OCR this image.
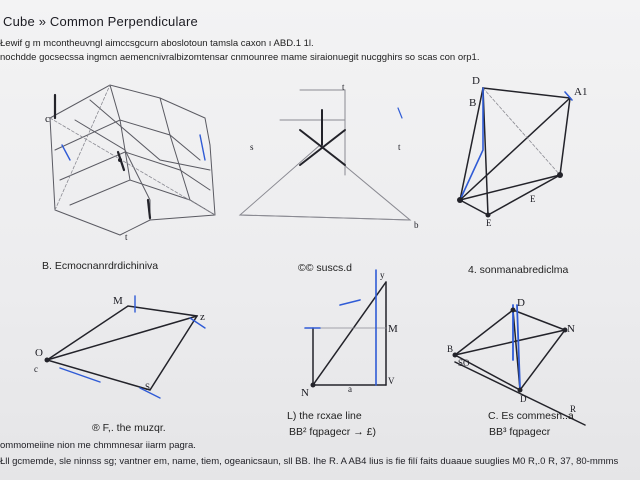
Cube » Common Perpendiculare
Łewif g m mcontheuvngl aimccsgcurn aboslotoun tamsla caxon ı ABD.1 1l.
nochdde gocsecssa ingmcn aemencnivralbizomtensar cnmounree mame siraionuegit nucgghirs so scas con orp1.
c
t
t
t
s
b
D
B
A1
E
E
M
z
O
S
c
y
N
M
V
a
D
N
B
SO
R
D
B. Ecmocnanrdrdichiniva	©© suscs.d	4. sonmanabrediclma
® F,. the muzqr.
L) the rcxae line
BB² fqpagecr → £)
C. Es commesn..a
BB³ fqpagecr
ommomeiine nion me chmmnesar iiarm pagra.
Łll gcmemde, sle ninnss sg; vantner em, name, tiem, ogeanicsaun, sll BB. Ihe R. A AB4 lius is fie filí faits duaaue suuglies M0 R,.0 R, 37, 80-mmms
